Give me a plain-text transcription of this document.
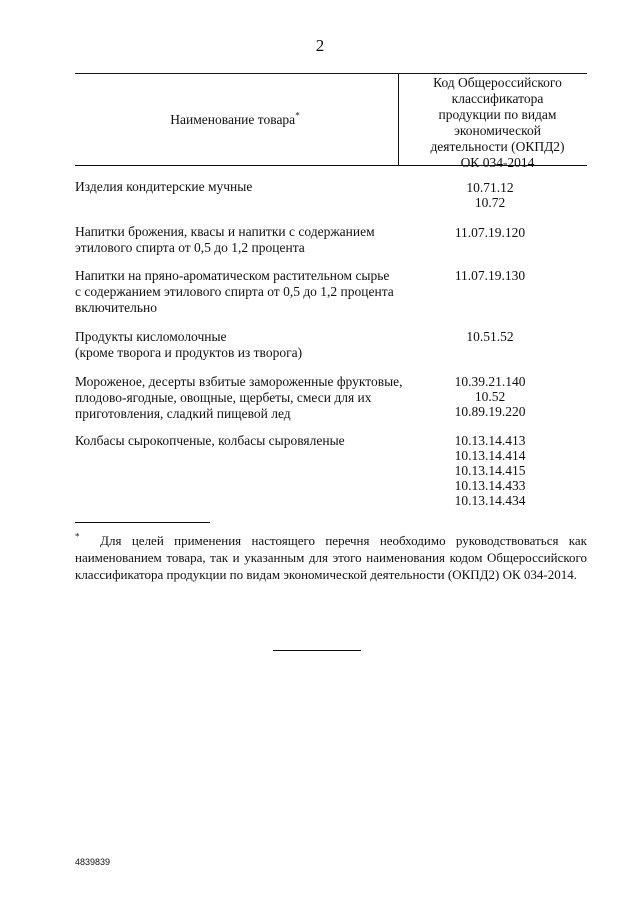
2
Наименование товара*
Код Общероссийского
классификатора
продукции по видам
экономической
деятельности (ОКПД2)
ОК 034-2014
Изделия кондитерские мучные	10.71.12
10.72
Напитки брожения, квасы и напитки с содержанием
этилового спирта от 0,5 до 1,2 процента
11.07.19.120
Напитки на пряно-ароматическом растительном сырье
с содержанием этилового спирта от 0,5 до 1,2 процента
включительно
11.07.19.130
Продукты кисломолочные
(кроме творога и продуктов из творога)
10.51.52
Мороженое, десерты взбитые замороженные фруктовые,
плодово-ягодные, овощные, щербеты, смеси для их
приготовления, сладкий пищевой лед
10.39.21.140
10.52
10.89.19.220
Колбасы сырокопченые, колбасы сыровяленые	10.13.14.413
10.13.14.414
10.13.14.415
10.13.14.433
10.13.14.434

* Для целей применения настоящего перечня необходимо руководствоваться как наименованием товара, так и указанным для этого наименования кодом Общероссийского классификатора продукции по видам экономической деятельности (ОКПД2) ОК 034-2014.

4839839
